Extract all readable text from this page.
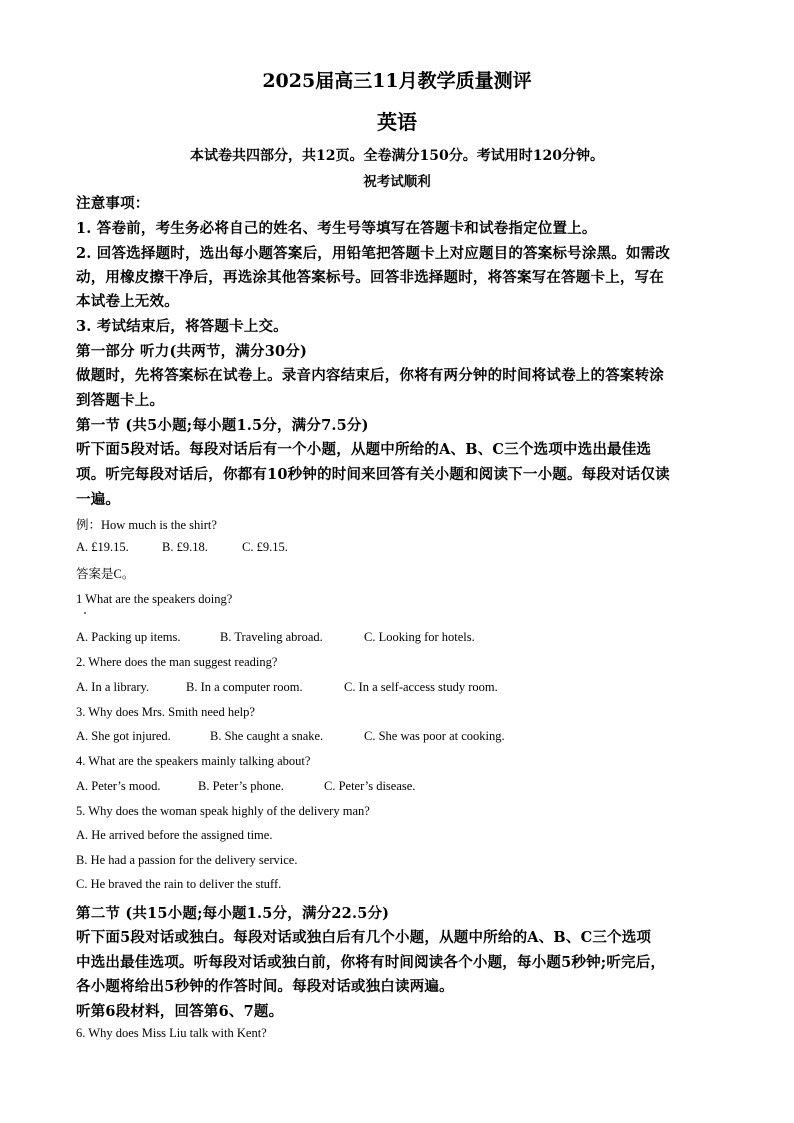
2025届高三11月教学质量测评
英语
本试卷共四部分，共12页。全卷满分150分。考试用时120分钟。
祝考试顺利
注意事项：
1. 答卷前，考生务必将自己的姓名、考生号等填写在答题卡和试卷指定位置上。
2. 回答选择题时，选出每小题答案后，用铅笔把答题卡上对应题目的答案标号涂黑。如需改
动，用橡皮擦干净后，再选涂其他答案标号。回答非选择题时，将答案写在答题卡上，写在
本试卷上无效。
3. 考试结束后，将答题卡上交。
第一部分 听力(共两节，满分30分)
做题时，先将答案标在试卷上。录音内容结束后，你将有两分钟的时间将试卷上的答案转涂
到答题卡上。
第一节 (共5小题;每小题1.5分，满分7.5分)
听下面5段对话。每段对话后有一个小题，从题中所给的A、B、C三个选项中选出最佳选
项。听完每段对话后，你都有10秒钟的时间来回答有关小题和阅读下一小题。每段对话仅读
一遍。
例：How much is the shirt?
A. £19.15.	B. £9.18.	C. £9.15.
答案是C。
1 What are the speakers doing?
A. Packing up items.	B. Traveling abroad.	C. Looking for hotels.
2. Where does the man suggest reading?
A. In a library.	B. In a computer room.	C. In a self-access study room.
3. Why does Mrs. Smith need help?
A. She got injured.	B. She caught a snake.	C. She was poor at cooking.
4. What are the speakers mainly talking about?
A. Peter’s mood.	B. Peter’s phone.	C. Peter’s disease.
5. Why does the woman speak highly of the delivery man?
A. He arrived before the assigned time.
B. He had a passion for the delivery service.
C. He braved the rain to deliver the stuff.
第二节 (共15小题;每小题1.5分，满分22.5分)
听下面5段对话或独白。每段对话或独白后有几个小题，从题中所给的A、B、C三个选项
中选出最佳选项。听每段对话或独白前，你将有时间阅读各个小题，每小题5秒钟;听完后，
各小题将给出5秒钟的作答时间。每段对话或独白读两遍。
听第6段材料，回答第6、7题。
6. Why does Miss Liu talk with Kent?
